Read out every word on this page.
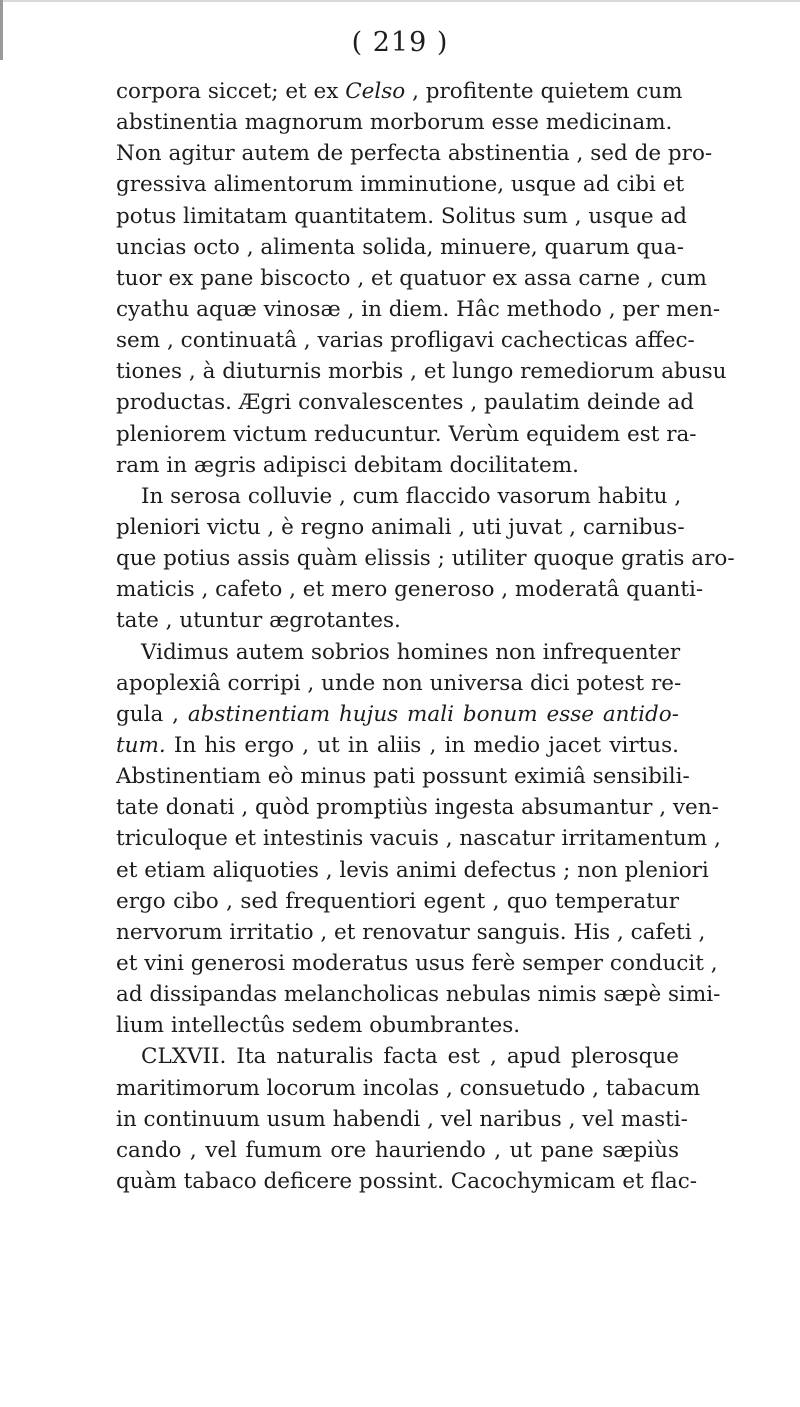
( 219 )
corpora siccet; et ex Celso , profitente quietem cum
abstinentia magnorum morborum esse medicinam.
Non agitur autem de perfecta abstinentia , sed de pro-
gressiva alimentorum imminutione, usque ad cibi et
potus limitatam quantitatem. Solitus sum , usque ad
uncias octo , alimenta solida, minuere, quarum qua-
tuor ex pane biscocto , et quatuor ex assa carne , cum
cyathu aquæ vinosæ , in diem. Hâc methodo , per men-
sem , continuatâ , varias profligavi cachecticas affec-
tiones , à diuturnis morbis , et lungo remediorum abusu
productas. Ægri convalescentes , paulatim deinde ad
pleniorem victum reducuntur. Verùm equidem est ra-
ram in ægris adipisci debitam docilitatem.
In serosa colluvie , cum flaccido vasorum habitu ,
pleniori victu , è regno animali , uti juvat , carnibus-
que potius assis quàm elissis ; utiliter quoque gratis aro-
maticis , cafeto , et mero generoso , moderatâ quanti-
tate , utuntur ægrotantes.
Vidimus autem sobrios homines non infrequenter
apoplexiâ corripi , unde non universa dici potest re-
gula , abstinentiam hujus mali bonum esse antido-
tum. In his ergo , ut in aliis , in medio jacet virtus.
Abstinentiam eò minus pati possunt eximiâ sensibili-
tate donati , quòd promptiùs ingesta absumantur , ven-
triculoque et intestinis vacuis , nascatur irritamentum ,
et etiam aliquoties , levis animi defectus ; non pleniori
ergo cibo , sed frequentiori egent , quo temperatur
nervorum irritatio , et renovatur sanguis. His , cafeti ,
et vini generosi moderatus usus ferè semper conducit ,
ad dissipandas melancholicas nebulas nimis sæpè simi-
lium intellectûs sedem obumbrantes.
CLXVII. Ita naturalis facta est , apud plerosque
maritimorum locorum incolas , consuetudo , tabacum
in continuum usum habendi , vel naribus , vel masti-
cando , vel fumum ore hauriendo , ut pane sæpiùs
quàm tabaco deficere possint. Cacochymicam et flac-
